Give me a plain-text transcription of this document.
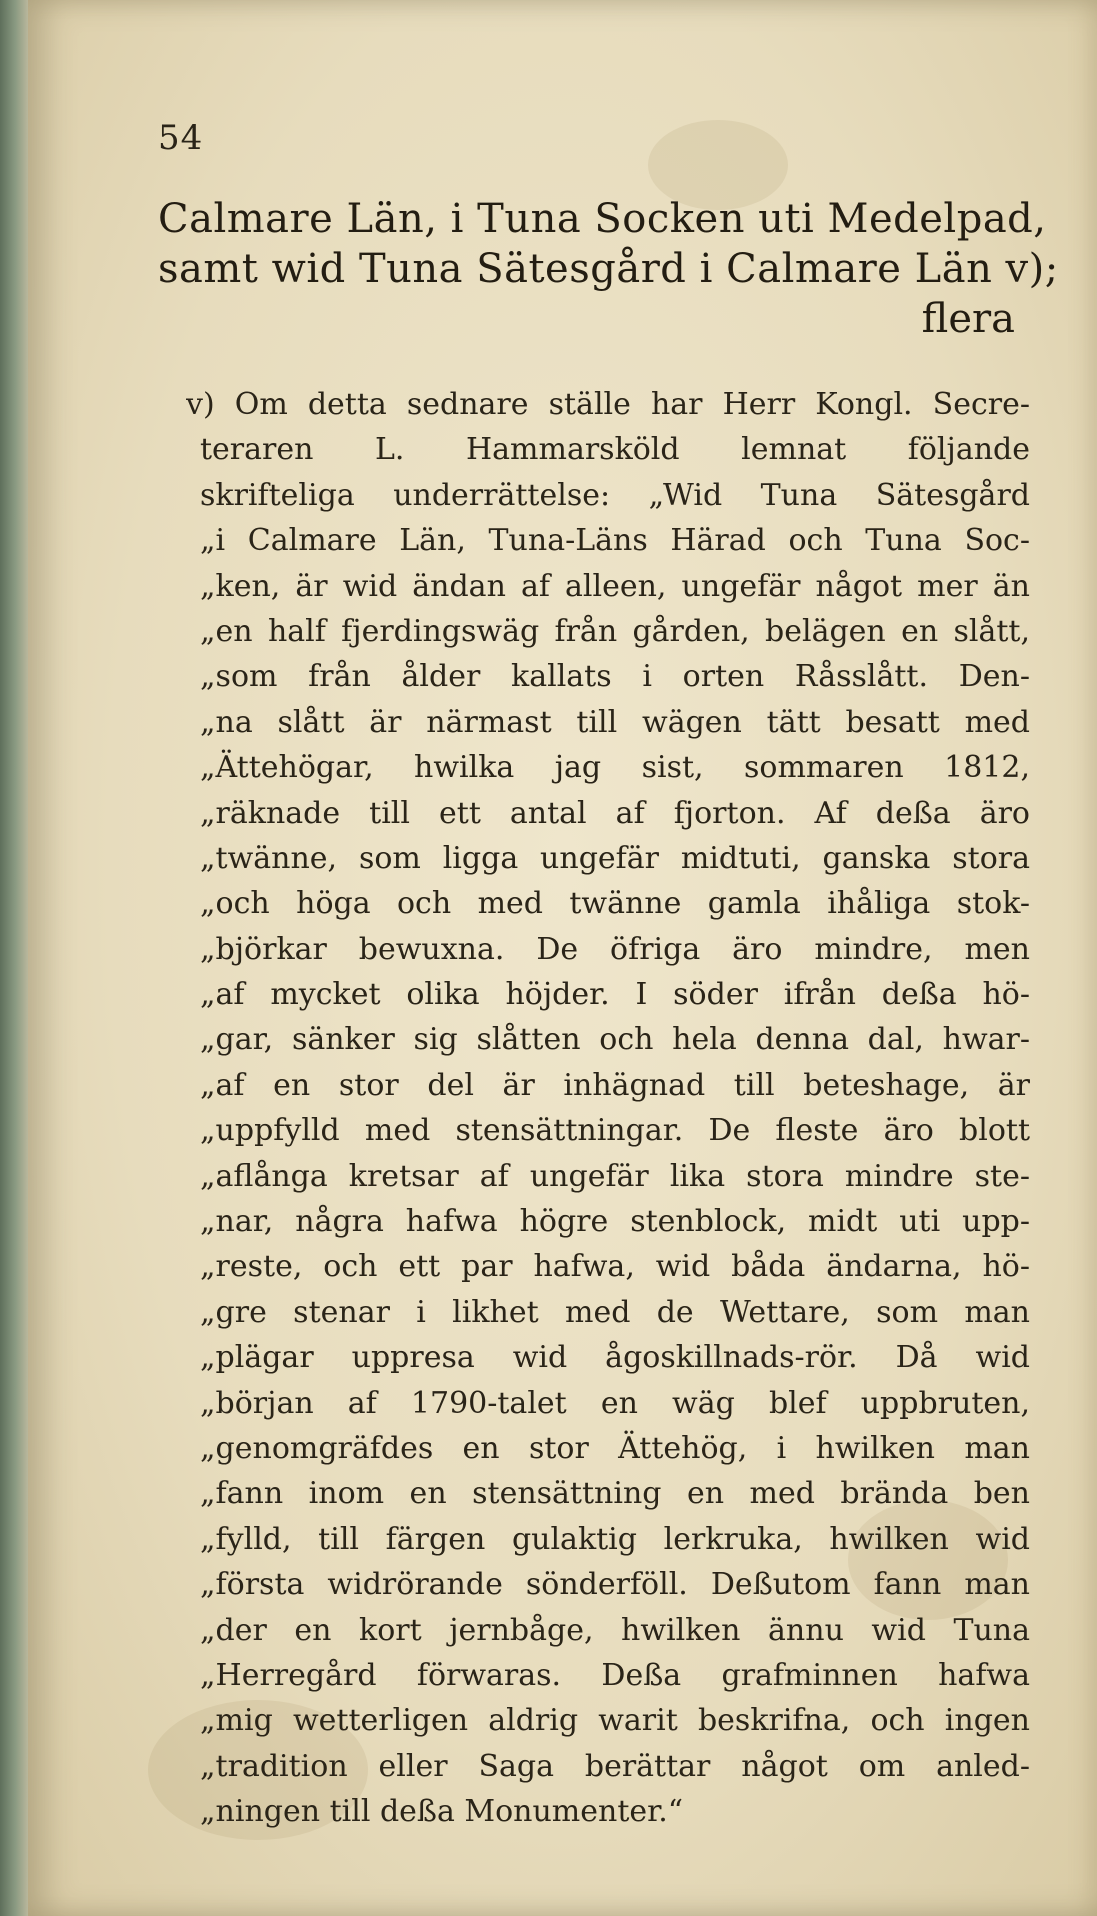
54
Calmare Län, i Tuna Socken uti Medelpad,
samt wid Tuna Sätesgård i Calmare Län v);
flera
v) Om detta sednare ställe har Herr Kongl. Secre-
teraren L. Hammarsköld lemnat följande
skrifteliga underrättelse: „Wid Tuna Sätesgård
„i Calmare Län, Tuna-Läns Härad och Tuna Soc-
„ken, är wid ändan af alleen, ungefär något mer än
„en half fjerdingswäg från gården, belägen en slått,
„som från ålder kallats i orten Råsslått. Den-
„na slått är närmast till wägen tätt besatt med
„Ättehögar, hwilka jag sist, sommaren 1812,
„räknade till ett antal af fjorton. Af deßa äro
„twänne, som ligga ungefär midtuti, ganska stora
„och höga och med twänne gamla ihåliga stok-
„björkar bewuxna. De öfriga äro mindre, men
„af mycket olika höjder. I söder ifrån deßa hö-
„gar, sänker sig slåtten och hela denna dal, hwar-
„af en stor del är inhägnad till beteshage, är
„uppfylld med stensättningar. De fleste äro blott
„aflånga kretsar af ungefär lika stora mindre ste-
„nar, några hafwa högre stenblock, midt uti upp-
„reste, och ett par hafwa, wid båda ändarna, hö-
„gre stenar i likhet med de Wettare, som man
„plägar uppresa wid ågoskillnads-rör. Då wid
„början af 1790-talet en wäg blef uppbruten,
„genomgräfdes en stor Ättehög, i hwilken man
„fann inom en stensättning en med brända ben
„fylld, till färgen gulaktig lerkruka, hwilken wid
„första widrörande sönderföll. Deßutom fann man
„der en kort jernbåge, hwilken ännu wid Tuna
„Herregård förwaras. Deßa grafminnen hafwa
„mig wetterligen aldrig warit beskrifna, och ingen
„tradition eller Saga berättar något om anled-
„ningen till deßa Monumenter.“
